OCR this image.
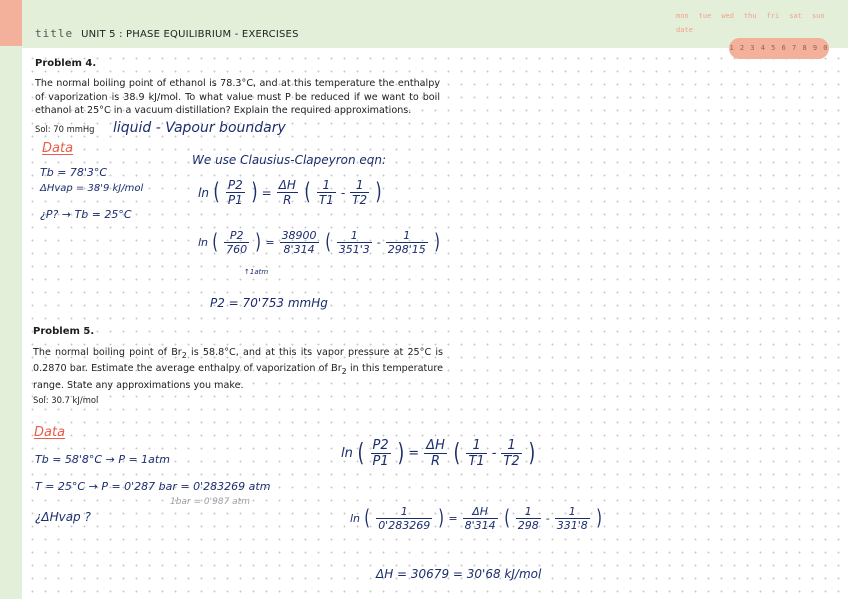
title UNIT 5 : PHASE EQUILIBRIUM - EXERCISES
mon tue wed thu fri sat sun
date
1 2 3 4 5 6 7 8 9 0
Problem 4.
The normal boiling point of ethanol is 78.3°C, and at this temperature the enthalpy of vaporization is 38.9 kJ/mol. To what value must P be reduced if we want to boil ethanol at 25°C in a vacuum distillation? Explain the required approximations.
Sol: 70 mmHg liquid - Vapour boundary
Data
Tb = 78'3°C
ΔHvap = 38'9 kJ/mol
¿P? → Tb = 25°C
We use Clausius-Clapeyron eqn:
ln ( $\frac{P2}{P1}$ ) = $\frac{\Delta H}{R}$ ( $\frac{1}{T1} - \frac{1}{T2}$ )
ln ( $\frac{P2}{760}$ ) = $\frac{38900}{8'314}$ ( $\frac{1}{351'3} - \frac{1}{298'15}$ )
↑1atm
P2 = 70'753 mmHg
Problem 5.
The normal boiling point of $Br_2$ is 58.8°C, and at this its vapor pressure at 25°C is 0.2870 bar. Estimate the average enthalpy of vaporization of $Br_2$ in this temperature range. State any approximations you make.
Sol: 30.7 kJ/mol
Data
Tb = 58'8°C → P = 1atm
T = 25°C → P = 0'287 bar = 0'283269 atm
1bar = 0'987 atm
¿ΔHvap ?
ln ( $\frac{P2}{P1}$ ) = $\frac{\Delta H}{R}$ ( $\frac{1}{T1} - \frac{1}{T2}$ )
ln ( $\frac{1}{0'283269}$ ) = $\frac{\Delta H}{8'314}$ ( $\frac{1}{298} - \frac{1}{331'8}$ )
ΔH = 30679 = 30'68 kJ/mol
